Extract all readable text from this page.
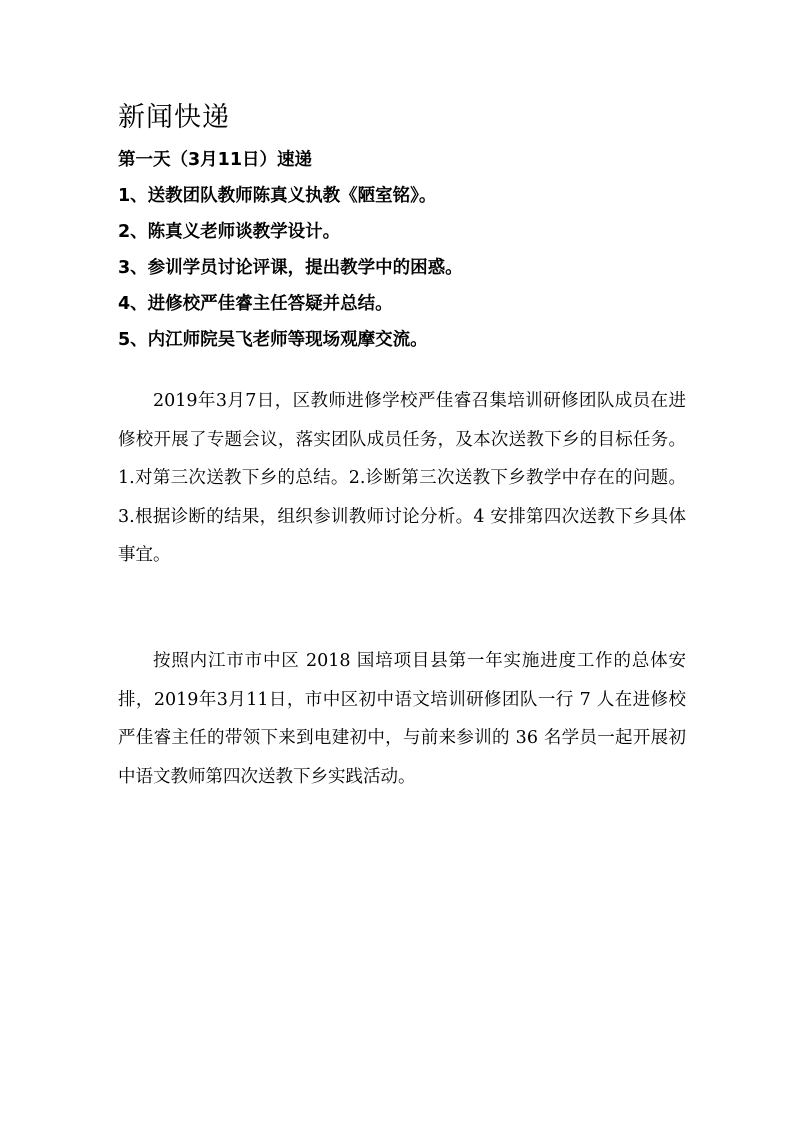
新闻快递
第一天（3月11日）速递
1、送教团队教师陈真义执教《陋室铭》。
2、陈真义老师谈教学设计。
3、参训学员讨论评课，提出教学中的困惑。
4、进修校严佳睿主任答疑并总结。
5、内江师院吴飞老师等现场观摩交流。

2019年3月7日，区教师进修学校严佳睿召集培训研修团队成员在进修校开展了专题会议，落实团队成员任务，及本次送教下乡的目标任务。1.对第三次送教下乡的总结。2.诊断第三次送教下乡教学中存在的问题。3.根据诊断的结果，组织参训教师讨论分析。4 安排第四次送教下乡具体事宜。

按照内江市市中区 2018 国培项目县第一年实施进度工作的总体安排，2019年3月11日，市中区初中语文培训研修团队一行 7 人在进修校严佳睿主任的带领下来到电建初中，与前来参训的 36 名学员一起开展初中语文教师第四次送教下乡实践活动。
